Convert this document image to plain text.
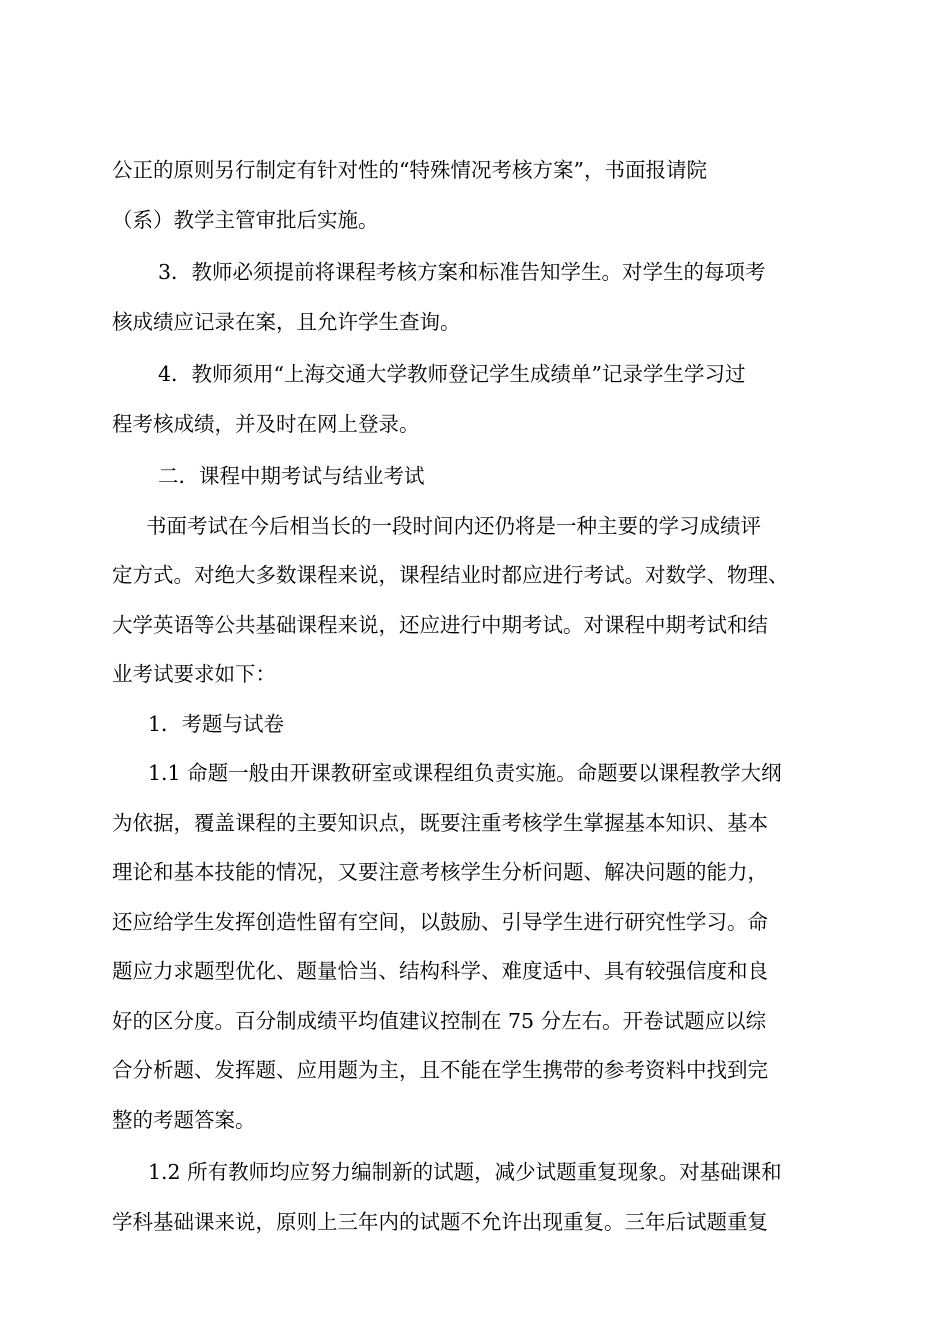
公正的原则另行制定有针对性的“特殊情况考核方案”，书面报请院
（系）教学主管审批后实施。
3．教师必须提前将课程考核方案和标准告知学生。对学生的每项考
核成绩应记录在案，且允许学生查询。
4．教师须用“上海交通大学教师登记学生成绩单”记录学生学习过
程考核成绩，并及时在网上登录。
二．课程中期考试与结业考试
书面考试在今后相当长的一段时间内还仍将是一种主要的学习成绩评
定方式。对绝大多数课程来说，课程结业时都应进行考试。对数学、物理、
大学英语等公共基础课程来说，还应进行中期考试。对课程中期考试和结
业考试要求如下：
1．考题与试卷
1.1 命题一般由开课教研室或课程组负责实施。命题要以课程教学大纲
为依据，覆盖课程的主要知识点，既要注重考核学生掌握基本知识、基本
理论和基本技能的情况，又要注意考核学生分析问题、解决问题的能力，
还应给学生发挥创造性留有空间，以鼓励、引导学生进行研究性学习。命
题应力求题型优化、题量恰当、结构科学、难度适中、具有较强信度和良
好的区分度。百分制成绩平均值建议控制在 75 分左右。开卷试题应以综
合分析题、发挥题、应用题为主，且不能在学生携带的参考资料中找到完
整的考题答案。
1.2 所有教师均应努力编制新的试题，减少试题重复现象。对基础课和
学科基础课来说，原则上三年内的试题不允许出现重复。三年后试题重复
